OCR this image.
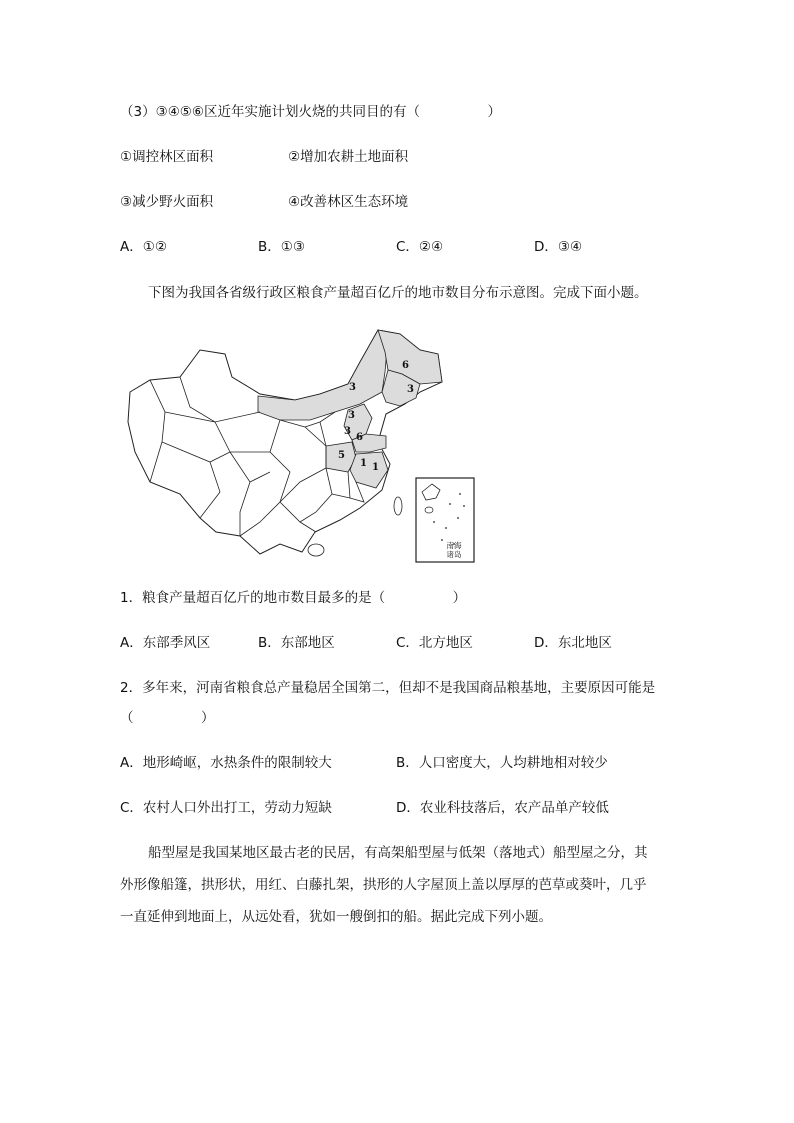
（3）③④⑤⑥区近年实施计划火烧的共同目的有（　　　　　）
①调控林区面积	②增加农耕土地面积
③减少野火面积	④改善林区生态环境
A．①②	B．①③	C．②④	D．③④
下图为我国各省级行政区粮食产量超百亿斤的地市数目分布示意图。完成下面小题。
6
3
3
3
3
6
5
1 1
南海
诸岛
1．粮食产量超百亿斤的地市数目最多的是（　　　　　）
A．东部季风区	B．东部地区	C．北方地区	D．东北地区
2．多年来，河南省粮食总产量稳居全国第二，但却不是我国商品粮基地，主要原因可能是
（　　　　　）
A．地形崎岖，水热条件的限制较大	B．人口密度大，人均耕地相对较少
C．农村人口外出打工，劳动力短缺	D．农业科技落后，农产品单产较低
船型屋是我国某地区最古老的民居，有高架船型屋与低架（落地式）船型屋之分，其
外形像船篷，拱形状，用红、白藤扎架，拱形的人字屋顶上盖以厚厚的芭草或葵叶，几乎
一直延伸到地面上，从远处看，犹如一艘倒扣的船。据此完成下列小题。
